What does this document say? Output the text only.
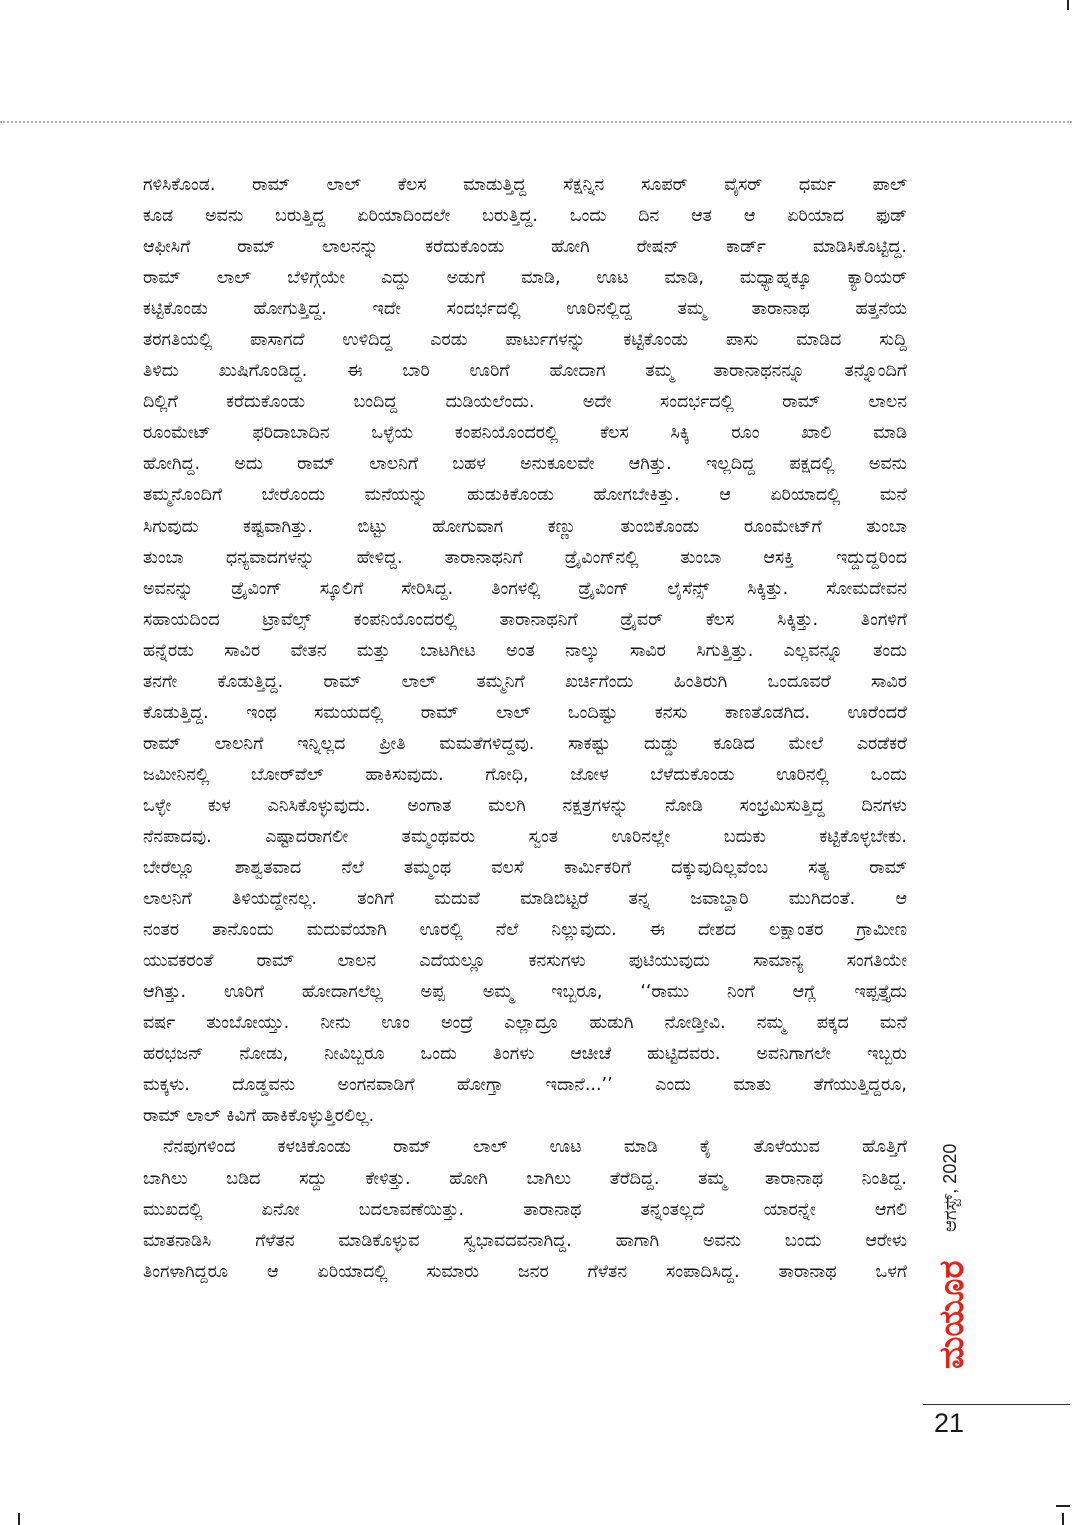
ಗಳಿಸಿಕೊಂಡ. ರಾಮ್ ಲಾಲ್ ಕೆಲಸ ಮಾಡುತ್ತಿದ್ದ ಸೆಕ್ಷನ್ನಿನ ಸೂಪರ್ ವೈಸರ್ ಧರ್ಮ ಪಾಲ್
ಕೂಡ ಅವನು ಬರುತ್ತಿದ್ದ ಏರಿಯಾದಿಂದಲೇ ಬರುತ್ತಿದ್ದ. ಒಂದು ದಿನ ಆತ ಆ ಏರಿಯಾದ ಫುಡ್
ಆಫೀಸಿಗೆ ರಾಮ್ ಲಾಲನನ್ನು ಕರೆದುಕೊಂಡು ಹೋಗಿ ರೇಷನ್ ಕಾರ್ಡ್ ಮಾಡಿಸಿಕೊಟ್ಟಿದ್ದ.
ರಾಮ್ ಲಾಲ್ ಬೆಳಿಗ್ಗೆಯೇ ಎದ್ದು ಅಡುಗೆ ಮಾಡಿ, ಊಟ ಮಾಡಿ, ಮಧ್ಯಾಹ್ನಕ್ಕೂ ಕ್ಯಾರಿಯರ್
ಕಟ್ಟಿಕೊಂಡು ಹೋಗುತ್ತಿದ್ದ. ಇದೇ ಸಂದರ್ಭದಲ್ಲಿ ಊರಿನಲ್ಲಿದ್ದ ತಮ್ಮ ತಾರಾನಾಥ ಹತ್ತನೆಯ
ತರಗತಿಯಲ್ಲಿ ಪಾಸಾಗದೆ ಉಳಿದಿದ್ದ ಎರಡು ಪಾರ್ಟುಗಳನ್ನು ಕಟ್ಟಿಕೊಂಡು ಪಾಸು ಮಾಡಿದ ಸುದ್ದಿ
ತಿಳಿದು ಖುಷಿಗೊಂಡಿದ್ದ. ಈ ಬಾರಿ ಊರಿಗೆ ಹೋದಾಗ ತಮ್ಮ ತಾರಾನಾಥನನ್ನೂ ತನ್ನೊಂದಿಗೆ
ದಿಲ್ಲಿಗೆ ಕರೆದುಕೊಂಡು ಬಂದಿದ್ದ ದುಡಿಯಲೆಂದು. ಅದೇ ಸಂದರ್ಭದಲ್ಲಿ ರಾಮ್ ಲಾಲನ
ರೂಂಮೇಟ್ ಫರಿದಾಬಾದಿನ ಒಳ್ಳೆಯ ಕಂಪನಿಯೊಂದರಲ್ಲಿ ಕೆಲಸ ಸಿಕ್ಕಿ ರೂಂ ಖಾಲಿ ಮಾಡಿ
ಹೋಗಿದ್ದ. ಅದು ರಾಮ್ ಲಾಲನಿಗೆ ಬಹಳ ಅನುಕೂಲವೇ ಆಗಿತ್ತು. ಇಲ್ಲದಿದ್ದ ಪಕ್ಷದಲ್ಲಿ ಅವನು
ತಮ್ಮನೊಂದಿಗೆ ಬೇರೊಂದು ಮನೆಯನ್ನು ಹುಡುಕಿಕೊಂಡು ಹೋಗಬೇಕಿತ್ತು. ಆ ಏರಿಯಾದಲ್ಲಿ ಮನೆ
ಸಿಗುವುದು ಕಷ್ಟವಾಗಿತ್ತು. ಬಿಟ್ಟು ಹೋಗುವಾಗ ಕಣ್ಣು ತುಂಬಿಕೊಂಡು ರೂಂಮೇಟ್‌ಗೆ ತುಂಬಾ
ತುಂಬಾ ಧನ್ಯವಾದಗಳನ್ನು ಹೇಳಿದ್ದ. ತಾರಾನಾಥನಿಗೆ ಡ್ರೈವಿಂಗ್‌ನಲ್ಲಿ ತುಂಬಾ ಆಸಕ್ತಿ ಇದ್ದುದ್ದರಿಂದ
ಅವನನ್ನು ಡ್ರೈವಿಂಗ್ ಸ್ಕೂಲಿಗೆ ಸೇರಿಸಿದ್ದ. ತಿಂಗಳಲ್ಲಿ ಡ್ರೈವಿಂಗ್ ಲೈಸೆನ್ಸ್ ಸಿಕ್ಕಿತ್ತು. ಸೋಮದೇವನ
ಸಹಾಯದಿಂದ ಟ್ರಾವೆಲ್ಸ್ ಕಂಪನಿಯೊಂದರಲ್ಲಿ ತಾರಾನಾಥನಿಗೆ ಡ್ರೈವರ್ ಕೆಲಸ ಸಿಕ್ಕಿತ್ತು. ತಿಂಗಳಿಗೆ
ಹನ್ನೆರಡು ಸಾವಿರ ವೇತನ ಮತ್ತು ಬಾಟಗೀಟ ಅಂತ ನಾಲ್ಕು ಸಾವಿರ ಸಿಗುತ್ತಿತ್ತು. ಎಲ್ಲವನ್ನೂ ತಂದು
ತನಗೇ ಕೊಡುತ್ತಿದ್ದ. ರಾಮ್ ಲಾಲ್ ತಮ್ಮನಿಗೆ ಖರ್ಚಿಗೆಂದು ಹಿಂತಿರುಗಿ ಒಂದೂವರೆ ಸಾವಿರ
ಕೊಡುತ್ತಿದ್ದ. ಇಂಥ ಸಮಯದಲ್ಲಿ ರಾಮ್ ಲಾಲ್ ಒಂದಿಷ್ಟು ಕನಸು ಕಾಣತೊಡಗಿದ. ಊರೆಂದರೆ
ರಾಮ್ ಲಾಲನಿಗೆ ಇನ್ನಿಲ್ಲದ ಪ್ರೀತಿ ಮಮತೆಗಳಿದ್ದವು. ಸಾಕಷ್ಟು ದುಡ್ಡು ಕೂಡಿದ ಮೇಲೆ ಎರಡೆಕರೆ
ಜಮೀನಿನಲ್ಲಿ ಬೋರ್‌ವೆಲ್ ಹಾಕಿಸುವುದು. ಗೋಧಿ, ಜೋಳ ಬೆಳೆದುಕೊಂಡು ಊರಿನಲ್ಲಿ ಒಂದು
ಒಳ್ಳೇ ಕುಳ ಎನಿಸಿಕೊಳ್ಳುವುದು. ಅಂಗಾತ ಮಲಗಿ ನಕ್ಷತ್ರಗಳನ್ನು ನೋಡಿ ಸಂಭ್ರಮಿಸುತ್ತಿದ್ದ ದಿನಗಳು
ನೆನಪಾದವು. ಎಷ್ಟಾದರಾಗಲೀ ತಮ್ಮಂಥವರು ಸ್ವಂತ ಊರಿನಲ್ಲೇ ಬದುಕು ಕಟ್ಟಿಕೊಳ್ಳಬೇಕು.
ಬೇರೆಲ್ಲೂ ಶಾಶ್ವತವಾದ ನೆಲೆ ತಮ್ಮಂಥ ವಲಸೆ ಕಾರ್ಮಿಕರಿಗೆ ದಕ್ಕುವುದಿಲ್ಲವೆಂಬ ಸತ್ಯ ರಾಮ್
ಲಾಲನಿಗೆ ತಿಳಿಯದ್ದೇನಲ್ಲ. ತಂಗಿಗೆ ಮದುವೆ ಮಾಡಿಬಿಟ್ಟರೆ ತನ್ನ ಜವಾಬ್ದಾರಿ ಮುಗಿದಂತೆ. ಆ
ನಂತರ ತಾನೊಂದು ಮದುವೆಯಾಗಿ ಊರಲ್ಲಿ ನೆಲೆ ನಿಲ್ಲುವುದು. ಈ ದೇಶದ ಲಕ್ಷಾಂತರ ಗ್ರಾಮೀಣ
ಯುವಕರಂತೆ ರಾಮ್ ಲಾಲನ ಎದೆಯಲ್ಲೂ ಕನಸುಗಳು ಪುಟಿಯುವುದು ಸಾಮಾನ್ಯ ಸಂಗತಿಯೇ
ಆಗಿತ್ತು. ಊರಿಗೆ ಹೋದಾಗಲೆಲ್ಲ ಅಪ್ಪ ಅಮ್ಮ ಇಬ್ಬರೂ, ‘‘ರಾಮು ನಿಂಗೆ ಆಗ್ಲೆ ಇಪ್ಪತ್ತೈದು
ವರ್ಷ ತುಂಬೋಯ್ತು. ನೀನು ಊಂ ಅಂದ್ರೆ ಎಲ್ಲಾದ್ರೂ ಹುಡುಗಿ ನೋಡ್ತೀವಿ. ನಮ್ಮ ಪಕ್ಕದ ಮನೆ
ಹರಭಜನ್ ನೋಡು, ನೀವಿಬ್ಬರೂ ಒಂದು ತಿಂಗಳು ಆಚೀಚೆ ಹುಟ್ಟಿದವರು. ಅವನಿಗಾಗಲೇ ಇಬ್ಬರು
ಮಕ್ಕಳು. ದೊಡ್ಡವನು ಅಂಗನವಾಡಿಗೆ ಹೋಗ್ತಾ ಇದಾನೆ...’’ ಎಂದು ಮಾತು ತೆಗೆಯುತ್ತಿದ್ದರೂ,
ರಾಮ್ ಲಾಲ್ ಕಿವಿಗೆ ಹಾಕಿಕೊಳ್ಳುತ್ತಿರಲಿಲ್ಲ.
ನೆನಪುಗಳಿಂದ ಕಳಚಿಕೊಂಡು ರಾಮ್ ಲಾಲ್ ಊಟ ಮಾಡಿ ಕೈ ತೊಳೆಯುವ ಹೊತ್ತಿಗೆ
ಬಾಗಿಲು ಬಡಿದ ಸದ್ದು ಕೇಳಿತ್ತು. ಹೋಗಿ ಬಾಗಿಲು ತೆರೆದಿದ್ದ. ತಮ್ಮ ತಾರಾನಾಥ ನಿಂತಿದ್ದ.
ಮುಖದಲ್ಲಿ ಏನೋ ಬದಲಾವಣೆಯಿತ್ತು. ತಾರಾನಾಥ ತನ್ನಂತಲ್ಲದೆ ಯಾರನ್ನೇ ಆಗಲಿ
ಮಾತನಾಡಿಸಿ ಗೆಳೆತನ ಮಾಡಿಕೊಳ್ಳುವ ಸ್ವಭಾವದವನಾಗಿದ್ದ. ಹಾಗಾಗಿ ಅವನು ಬಂದು ಆರೇಳು
ತಿಂಗಳಾಗಿದ್ದರೂ ಆ ಏರಿಯಾದಲ್ಲಿ ಸುಮಾರು ಜನರ ಗೆಳೆತನ ಸಂಪಾದಿಸಿದ್ದ. ತಾರಾನಾಥ ಒಳಗೆ
ಆಗಸ್ಟ್, 2020
ಮಯೂರ
21
